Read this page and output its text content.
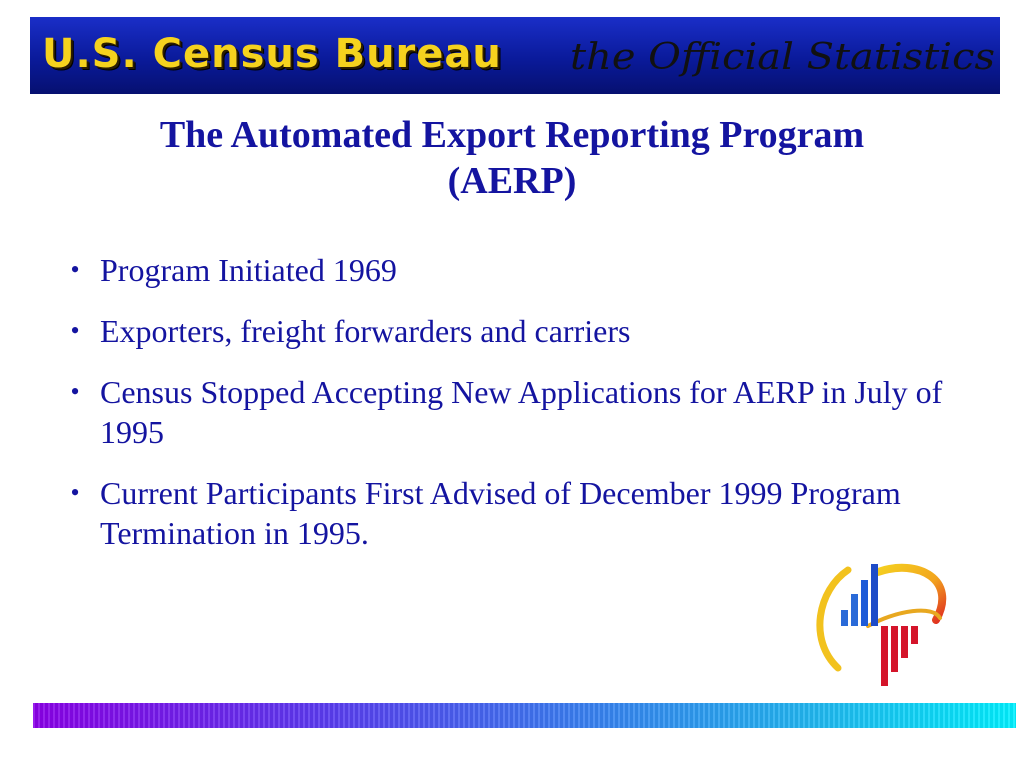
U.S. Census Bureau the Official Statistics
The Automated Export Reporting Program
(AERP)
• Program Initiated 1969
• Exporters, freight forwarders and carriers
• Census Stopped Accepting New Applications for AERP in July of 1995
• Current Participants First Advised of December 1999 Program Termination in 1995.
